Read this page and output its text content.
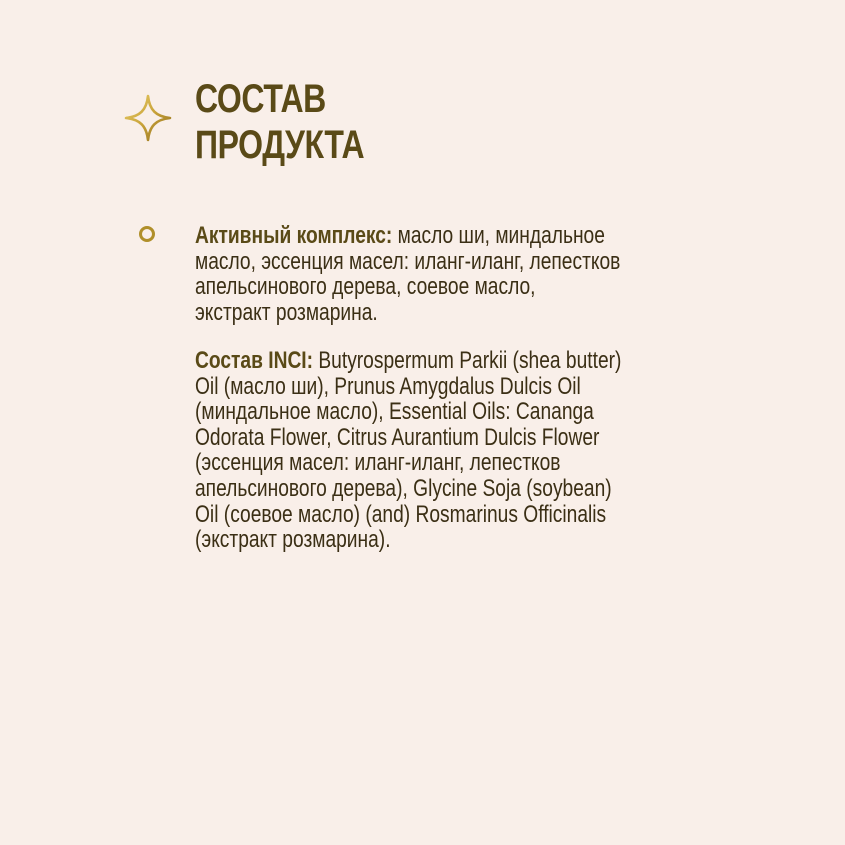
СОСТАВ
ПРОДУКТА

Активный комплекс: масло ши, миндальное
масло, эссенция масел: иланг-иланг, лепестков
апельсинового дерева, соевое масло,
экстракт розмарина.

Состав INCI: Butyrospermum Parkii (shea butter)
Oil (масло ши), Prunus Amygdalus Dulcis Oil
(миндальное масло), Essential Oils: Cananga
Odorata Flower, Citrus Aurantium Dulcis Flower
(эссенция масел: иланг-иланг, лепестков
апельсинового дерева), Glycine Soja (soybean)
Oil (соевое масло) (and) Rosmarinus Officinalis
(экстракт розмарина).
